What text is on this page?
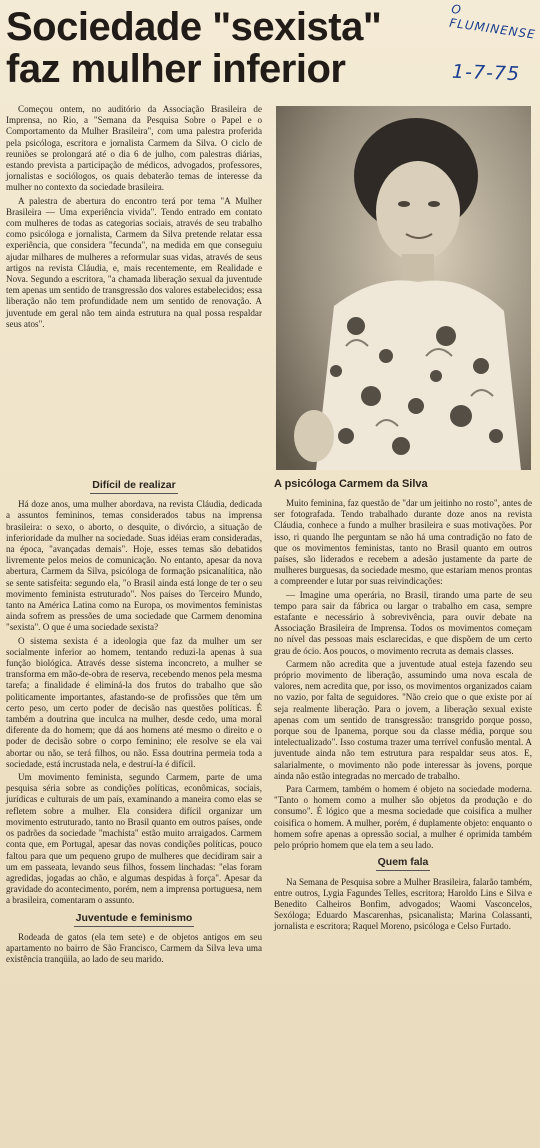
O FLUMINENSE
1-7-75
Sociedade "sexista"
faz mulher inferior
A psicóloga Carmem da Silva

Começou ontem, no auditório da Associação Brasileira de Imprensa, no Rio, a "Semana da Pesquisa Sobre o Papel e o Comportamento da Mulher Brasileira", com uma palestra proferida pela psicóloga, escritora e jornalista Carmem da Silva. O ciclo de reuniões se prolongará até o dia 6 de julho, com palestras diárias, estando prevista a participação de médicos, advogados, professores, jornalistas e sociólogos, os quais debaterão temas de interesse da mulher no contexto da sociedade brasileira.

A palestra de abertura do encontro terá por tema "A Mulher Brasileira — Uma experiência vivida". Tendo entrado em contato com mulheres de todas as categorias sociais, através de seu trabalho como psicóloga e jornalista, Carmem da Silva pretende relatar essa experiência, que considera "fecunda", na medida em que conseguiu ajudar milhares de mulheres a reformular suas vidas, através de seus artigos na revista Cláudia, e, mais recentemente, em Realidade e Nova. Segundo a escritora, "a chamada liberação sexual da juventude tem apenas um sentido de transgressão dos valores estabelecidos; essa liberação não tem profundidade nem um sentido de renovação. A juventude em geral não tem ainda estrutura na qual possa respaldar seus atos".

Difícil de realizar

Há doze anos, uma mulher abordava, na revista Cláudia, dedicada a assuntos femininos, temas considerados tabus na imprensa brasileira: o sexo, o aborto, o desquite, o divórcio, a situação de inferioridade da mulher na sociedade. Suas idéias eram consideradas, na época, "avançadas demais". Hoje, esses temas são debatidos livremente pelos meios de comunicação. No entanto, apesar da nova abertura, Carmem da Silva, psicóloga de formação psicanalítica, não se sente satisfeita: segundo ela, "o Brasil ainda está longe de ter o seu movimento feminista estruturado". Nos países do Terceiro Mundo, tanto na América Latina como na Europa, os movimentos feministas ainda sofrem as pressões de uma sociedade que Carmem denomina "sexista". O que é uma sociedade sexista?

O sistema sexista é a ideologia que faz da mulher um ser socialmente inferior ao homem, tentando reduzi-la apenas à sua função biológica. Através desse sistema inconcreto, a mulher se transforma em mão-de-obra de reserva, recebendo menos pela mesma tarefa; a finalidade é eliminá-la dos frutos do trabalho que são politicamente importantes, afastando-se de profissões que têm um certo peso, um certo poder de decisão nas questões políticas. É também a doutrina que inculca na mulher, desde cedo, uma moral diferente da do homem; que dá aos homens até mesmo o direito e o poder de decisão sobre o corpo feminino; ele resolve se ela vai abortar ou não, se terá filhos, ou não. Essa doutrina permeia toda a sociedade, está incrustada nela, e destruí-la é difícil.

Um movimento feminista, segundo Carmem, parte de uma pesquisa séria sobre as condições políticas, econômicas, sociais, jurídicas e culturais de um país, examinando a maneira como elas se refletem sobre a mulher. Ela considera difícil organizar um movimento estruturado, tanto no Brasil quanto em outros países, onde os padrões da sociedade "machista" estão muito arraigados. Carmem conta que, em Portugal, apesar das novas condições políticas, pouco faltou para que um pequeno grupo de mulheres que decidiram sair a um em passeata, levando seus filhos, fossem linchadas: "elas foram agredidas, jogadas ao chão, e algumas despidas à força". Apesar da gravidade do acontecimento, porém, nem a imprensa portuguesa, nem a brasileira, comentaram o assunto.

Juventude e feminismo

Rodeada de gatos (ela tem sete) e de objetos antigos em seu apartamento no bairro de São Francisco, Carmem da Silva leva uma existência tranqüila, ao lado de seu marido.

Muito feminina, faz questão de "dar um jeitinho no rosto", antes de ser fotografada. Tendo trabalhado durante doze anos na revista Cláudia, conhece a fundo a mulher brasileira e suas motivações. Por isso, ri quando lhe perguntam se não há uma contradição no fato de que os movimentos feministas, tanto no Brasil quanto em outros países, são liderados e recebem a adesão justamente da parte de mulheres burguesas, da sociedade mesmo, que estariam menos prontas a compreender e lutar por suas reivindicações:

— Imagine uma operária, no Brasil, tirando uma parte de seu tempo para sair da fábrica ou largar o trabalho em casa, sempre estafante e necessário à sobrevivência, para ouvir debate na Associação Brasileira de Imprensa. Todos os movimentos começam no nível das pessoas mais esclarecidas, e que dispõem de um certo grau de ócio. Aos poucos, o movimento recruta as demais classes.

Carmem não acredita que a juventude atual esteja fazendo seu próprio movimento de liberação, assumindo uma nova escala de valores, nem acredita que, por isso, os movimentos organizados caiam no vazio, por falta de seguidores. "Não creio que o que existe por aí seja realmente liberação. Para o jovem, a liberação sexual existe apenas com um sentido de transgressão: transgrido porque posso, porque sou de Ipanema, porque sou da classe média, porque sou intelectualizado". Isso costuma trazer uma terrível confusão mental. A juventude ainda não tem estrutura para respaldar seus atos. E, salarialmente, o movimento não pode interessar às jovens, porque ainda não estão integradas no mercado de trabalho.

Para Carmem, também o homem é objeto na sociedade moderna. "Tanto o homem como a mulher são objetos da produção e do consumo". É lógico que a mesma sociedade que coisifica a mulher coisifica o homem. A mulher, porém, é duplamente objeto: enquanto o homem sofre apenas a opressão social, a mulher é oprimida também pelo próprio homem que ela tem a seu lado.

Quem fala

Na Semana de Pesquisa sobre a Mulher Brasileira, falarão também, entre outros, Lygia Fagundes Telles, escritora; Haroldo Lins e Silva e Benedito Calheiros Bonfim, advogados; Waomi Vasconcelos, Sexóloga; Eduardo Mascarenhas, psicanalista; Marina Colassanti, jornalista e escritora; Raquel Moreno, psicóloga e Celso Furtado.
